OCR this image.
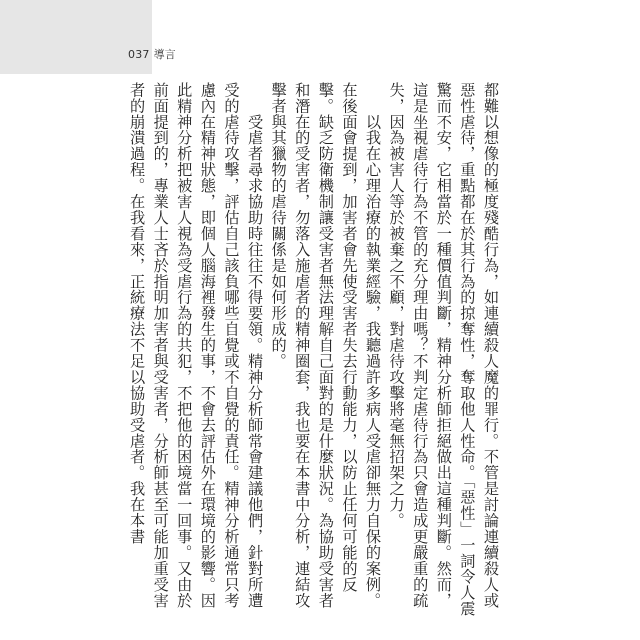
037 導言

都難以想像的極度殘酷行為，如連續殺人魔的罪行。不管是討論連續殺人或惡性虐待，重點都在於其行為的掠奪性，奪取他人性命。「惡性」一詞令人震驚而不安，它相當於一種價值判斷，精神分析師拒絕做出這種判斷。然而，這是坐視虐待行為不管的充分理由嗎？不判定虐待行為只會造成更嚴重的疏失，因為被害人等於被棄之不顧，對虐待攻擊將毫無招架之力。

　　以我在心理治療的執業經驗，我聽過許多病人受虐卻無力自保的案例。在後面會提到，加害者會先使受害者失去行動能力，以防止任何可能的反擊。缺乏防衛機制讓受害者無法理解自己面對的是什麼狀況。為協助受害者和潛在的受害者，勿落入施虐者的精神圈套，我也要在本書中分析，連結攻擊者與其獵物的虐待關係是如何形成的。

　　受虐者尋求協助時往往不得要領。精神分析師常會建議他們，針對所遭受的虐待攻擊，評估自己該負哪些自覺或不自覺的責任。精神分析通常只考慮內在精神狀態，即個人腦海裡發生的事，不會去評估外在環境的影響。因此精神分析把被害人視為受虐行為的共犯，不把他的困境當一回事。又由於前面提到的，專業人士吝於指明加害者與受害者，分析師甚至可能加重受害者的崩潰過程。在我看來，正統療法不足以協助受虐者。我在本書
